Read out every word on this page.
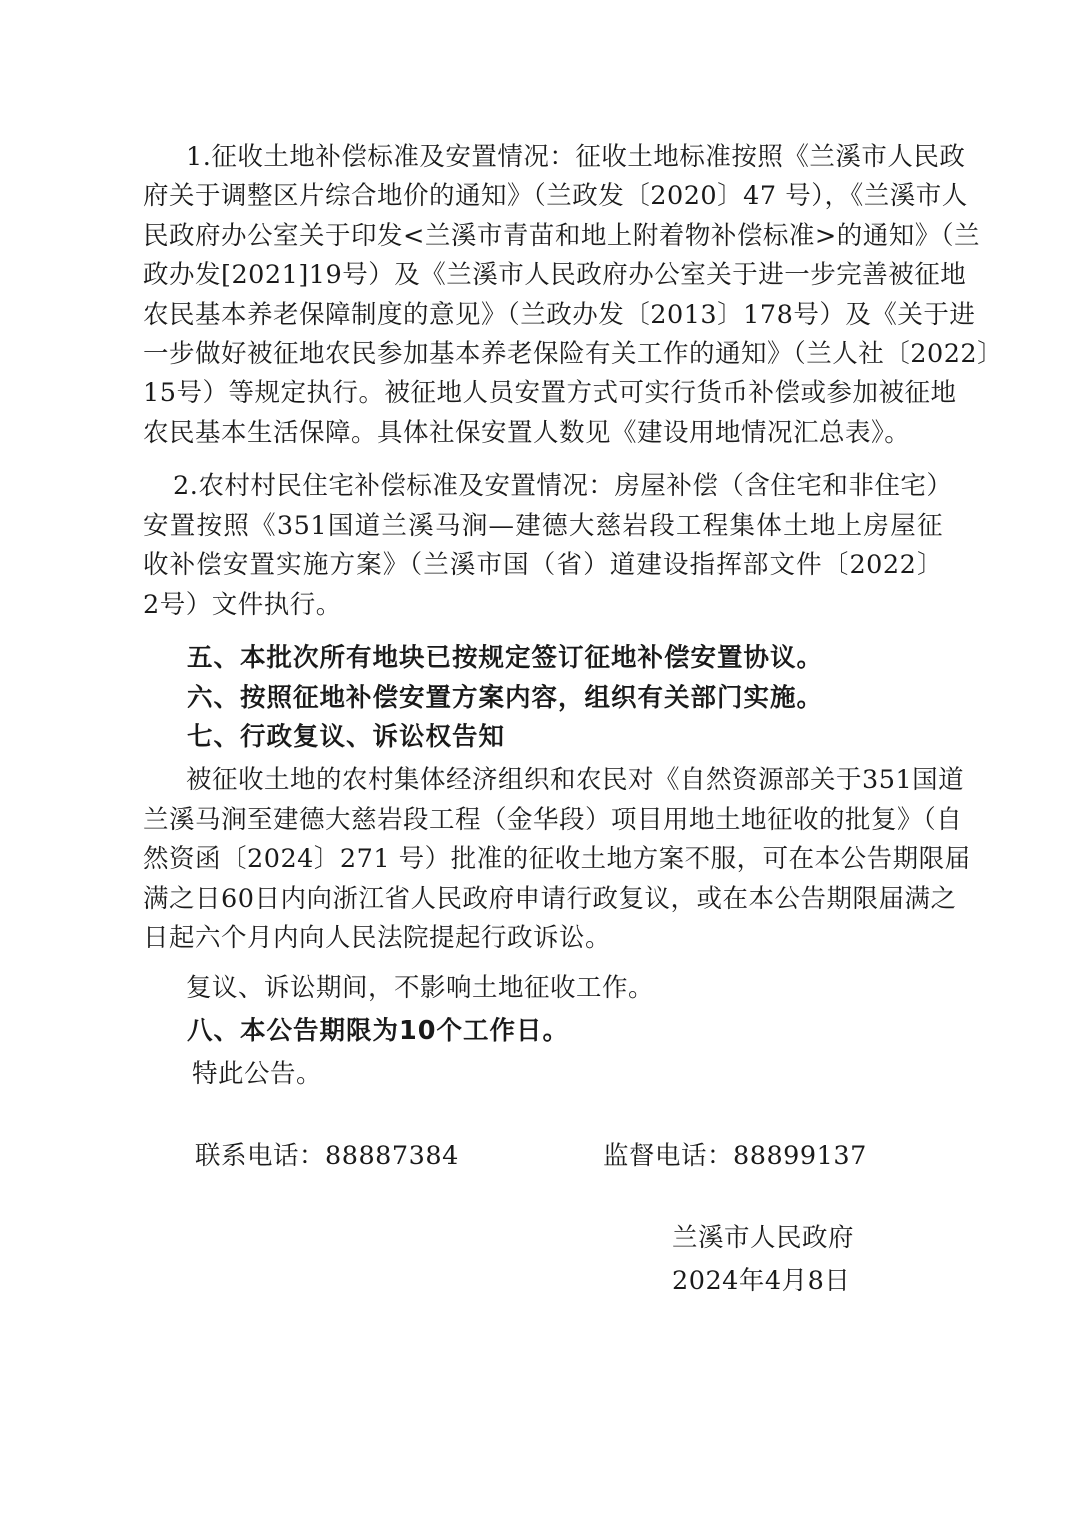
1.征收土地补偿标准及安置情况：征收土地标准按照《兰溪市人民政
府关于调整区片综合地价的通知》（兰政发〔2020〕47 号），《兰溪市人
民政府办公室关于印发<兰溪市青苗和地上附着物补偿标准>的通知》（兰
政办发[2021]19号）及《兰溪市人民政府办公室关于进一步完善被征地
农民基本养老保障制度的意见》（兰政办发〔2013〕178号）及《关于进
一步做好被征地农民参加基本养老保险有关工作的通知》（兰人社〔2022〕
15号）等规定执行。被征地人员安置方式可实行货币补偿或参加被征地
农民基本生活保障。具体社保安置人数见《建设用地情况汇总表》。
2.农村村民住宅补偿标准及安置情况：房屋补偿（含住宅和非住宅）
安置按照《351国道兰溪马涧—建德大慈岩段工程集体土地上房屋征
收补偿安置实施方案》（兰溪市国（省）道建设指挥部文件〔2022〕
2号）文件执行。
五、本批次所有地块已按规定签订征地补偿安置协议。
六、按照征地补偿安置方案内容，组织有关部门实施。
七、行政复议、诉讼权告知
被征收土地的农村集体经济组织和农民对《自然资源部关于351国道
兰溪马涧至建德大慈岩段工程（金华段）项目用地土地征收的批复》（自
然资函〔2024〕271 号）批准的征收土地方案不服，可在本公告期限届
满之日60日内向浙江省人民政府申请行政复议，或在本公告期限届满之
日起六个月内向人民法院提起行政诉讼。
复议、诉讼期间，不影响土地征收工作。
八、本公告期限为10个工作日。
特此公告。
联系电话：88887384	监督电话：88899137
兰溪市人民政府
2024年4月8日
